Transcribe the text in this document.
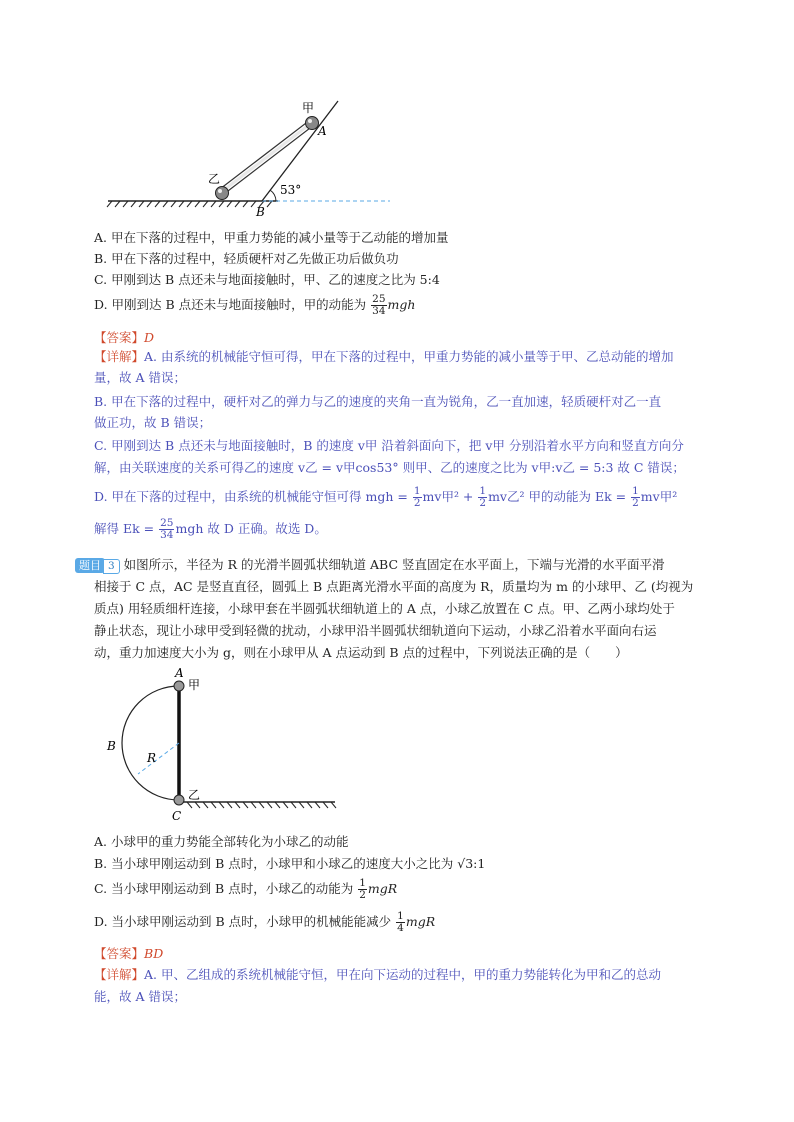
甲
A
乙
B
53°
A. 甲在下落的过程中，甲重力势能的减小量等于乙动能的增加量
B. 甲在下落的过程中，轻质硬杆对乙先做正功后做负功
C. 甲刚到达 B 点还未与地面接触时，甲、乙的速度之比为 5:4
D. 甲刚到达 B 点还未与地面接触时，甲的动能为 $\frac{25}{34}$ mgh
【答案】D
【详解】A. 由系统的机械能守恒可得，甲在下落的过程中，甲重力势能的减小量等于甲、乙总动能的增加
量，故 A 错误；
B. 甲在下落的过程中，硬杆对乙的弹力与乙的速度的夹角一直为锐角，乙一直加速，轻质硬杆对乙一直
做正功，故 B 错误；
C. 甲刚到达 B 点还未与地面接触时，B 的速度 v甲 沿着斜面向下，把 v甲 分别沿着水平方向和竖直方向分
解，由关联速度的关系可得乙的速度 v乙 = v甲cos53° 则甲、乙的速度之比为 v甲:v乙 = 5:3 故 C 错误；
D. 甲在下落的过程中，由系统的机械能守恒可得 mgh = $\frac{1}{2}$ mv甲$^2 + \frac{1}{2}$ mv乙² 甲的动能为 $Ek = \frac{1}{2}$ mv甲²
解得 $Ek = \frac{25}{34}$ mgh 故 D 正确。故选 D。
题目 3 如图所示，半径为 R 的光滑半圆弧状细轨道 ABC 竖直固定在水平面上，下端与光滑的水平面平滑
相接于 C 点，AC 是竖直直径，圆弧上 B 点距离光滑水平面的高度为 R，质量均为 m 的小球甲、乙 (均视为
质点) 用轻质细杆连接，小球甲套在半圆弧状细轨道上的 A 点，小球乙放置在 C 点。甲、乙两小球均处于
静止状态，现让小球甲受到轻微的扰动，小球甲沿半圆弧状细轨道向下运动，小球乙沿着水平面向右运
动，重力加速度大小为 g，则在小球甲从 A 点运动到 B 点的过程中，下列说法正确的是（　　）
A
甲
B
R
乙
C
A. 小球甲的重力势能全部转化为小球乙的动能
B. 当小球甲刚运动到 B 点时，小球甲和小球乙的速度大小之比为 √3:1
C. 当小球甲刚运动到 B 点时，小球乙的动能为 $\frac{1}{2}$ mgR
D. 当小球甲刚运动到 B 点时，小球甲的机械能能减少 $\frac{1}{4}$ mgR
【答案】BD
【详解】A. 甲、乙组成的系统机械能守恒，甲在向下运动的过程中，甲的重力势能转化为甲和乙的总动
能，故 A 错误；
